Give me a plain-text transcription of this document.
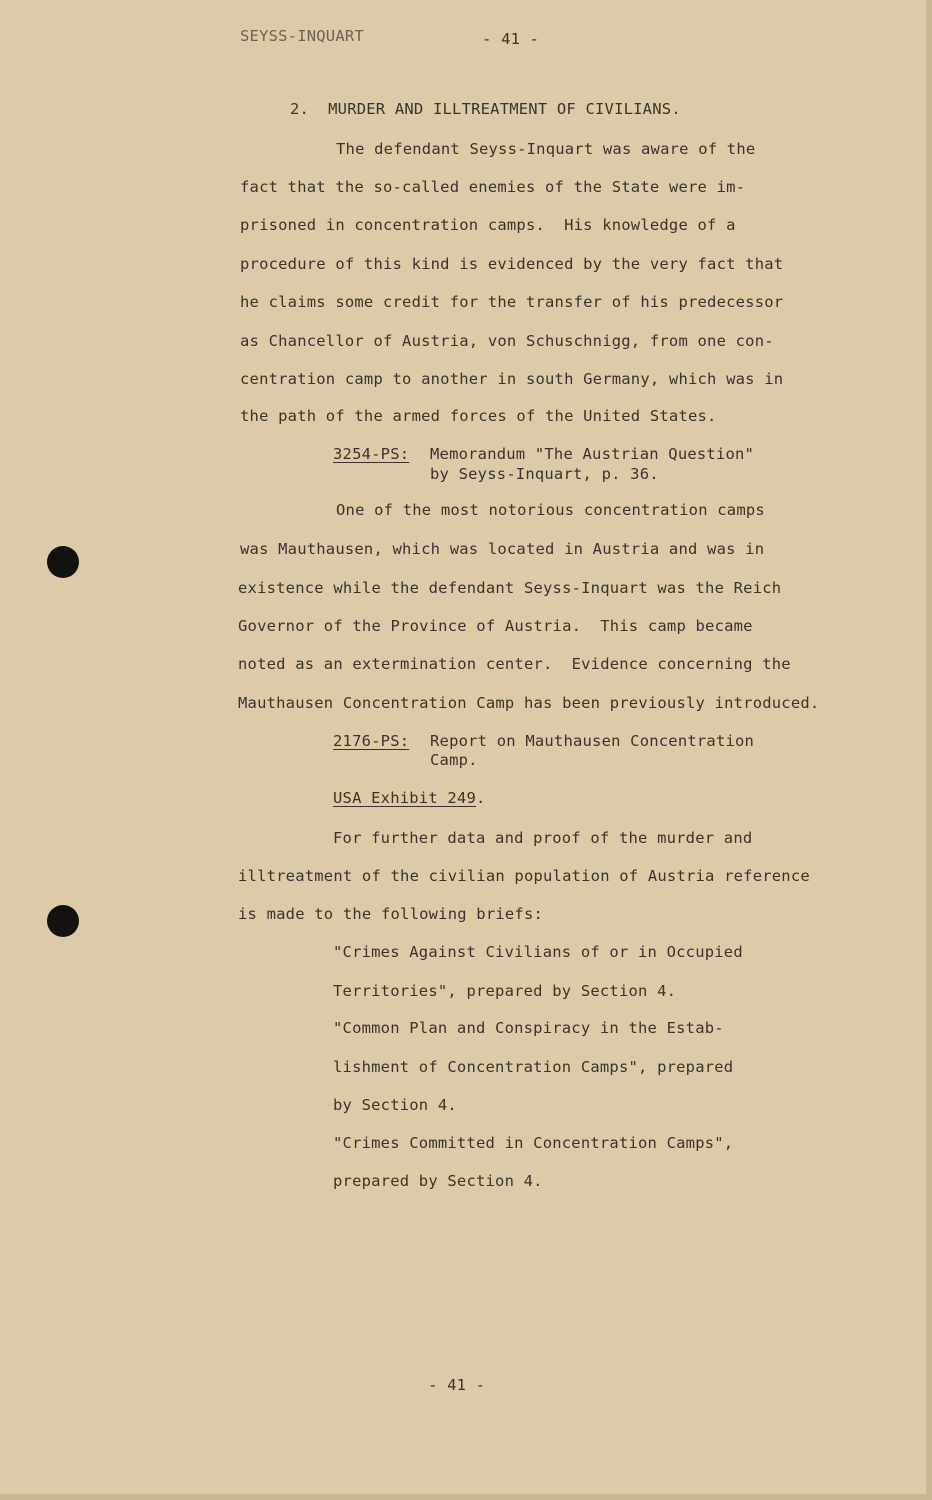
SEYSS-INQUART	- 41 -
2.  MURDER AND ILLTREATMENT OF CIVILIANS.
The defendant Seyss-Inquart was aware of the
fact that the so-called enemies of the State were im-
prisoned in concentration camps.  His knowledge of a
procedure of this kind is evidenced by the very fact that
he claims some credit for the transfer of his predecessor
as Chancellor of Austria, von Schuschnigg, from one con-
centration camp to another in south Germany, which was in
the path of the armed forces of the United States.
3254-PS: Memorandum "The Austrian Question"
by Seyss-Inquart, p. 36.
One of the most notorious concentration camps
was Mauthausen, which was located in Austria and was in
existence while the defendant Seyss-Inquart was the Reich
Governor of the Province of Austria.  This camp became
noted as an extermination center.  Evidence concerning the
Mauthausen Concentration Camp has been previously introduced.
2176-PS: Report on Mauthausen Concentration
Camp.
USA Exhibit 249.
For further data and proof of the murder and
illtreatment of the civilian population of Austria reference
is made to the following briefs:
"Crimes Against Civilians of or in Occupied
Territories", prepared by Section 4.
"Common Plan and Conspiracy in the Estab-
lishment of Concentration Camps", prepared
by Section 4.
"Crimes Committed in Concentration Camps",
prepared by Section 4.
- 41 -
